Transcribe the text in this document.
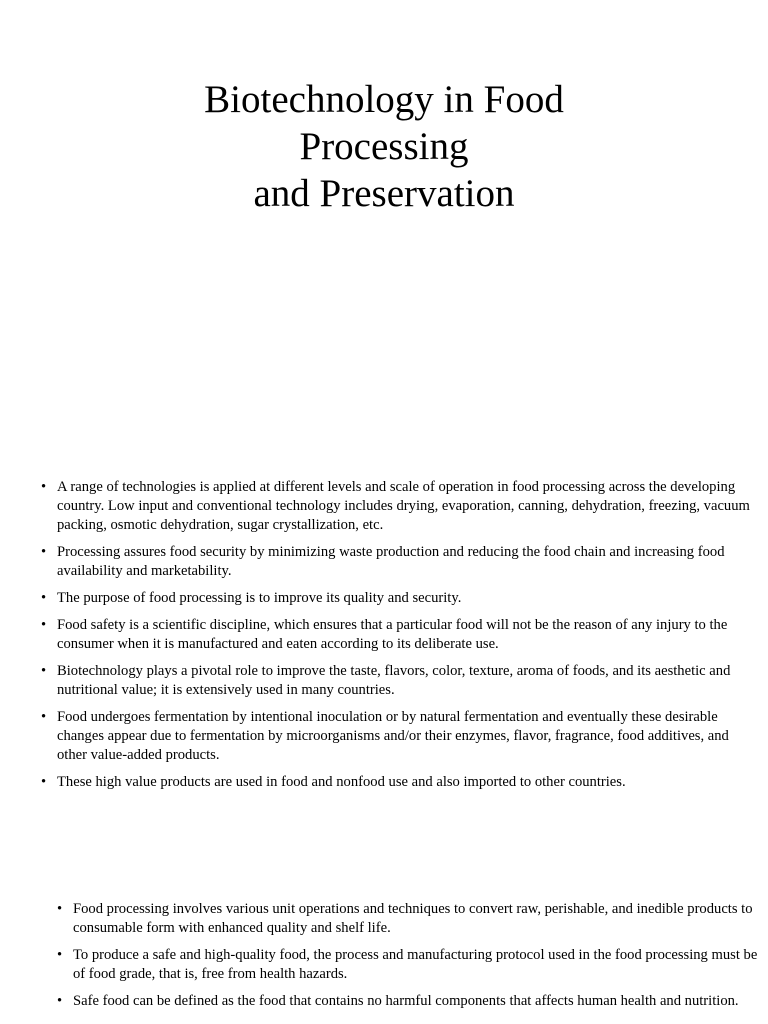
Biotechnology in Food
Processing
and Preservation
• A range of technologies is applied at different levels and scale of operation in food processing across the developing country. Low input and conventional technology includes drying, evaporation, canning, dehydration, freezing, vacuum packing, osmotic dehydration, sugar crystallization, etc.
• Processing assures food security by minimizing waste production and reducing the food chain and increasing food availability and marketability.
• The purpose of food processing is to improve its quality and security.
• Food safety is a scientific discipline, which ensures that a particular food will not be the reason of any injury to the consumer when it is manufactured and eaten according to its deliberate use.
• Biotechnology plays a pivotal role to improve the taste, flavors, color, texture, aroma of foods, and its aesthetic and nutritional value; it is extensively used in many countries.
• Food undergoes fermentation by intentional inoculation or by natural fermentation and eventually these desirable changes appear due to fermentation by microorganisms and/or their enzymes, flavor, fragrance, food additives, and other value-added products.
• These high value products are used in food and nonfood use and also imported to other countries.
• Food processing involves various unit operations and techniques to convert raw, perishable, and inedible products to consumable form with enhanced quality and shelf life.
• To produce a safe and high-quality food, the process and manufacturing protocol used in the food processing must be of food grade, that is, free from health hazards.
• Safe food can be defined as the food that contains no harmful components that affects human health and nutrition.
